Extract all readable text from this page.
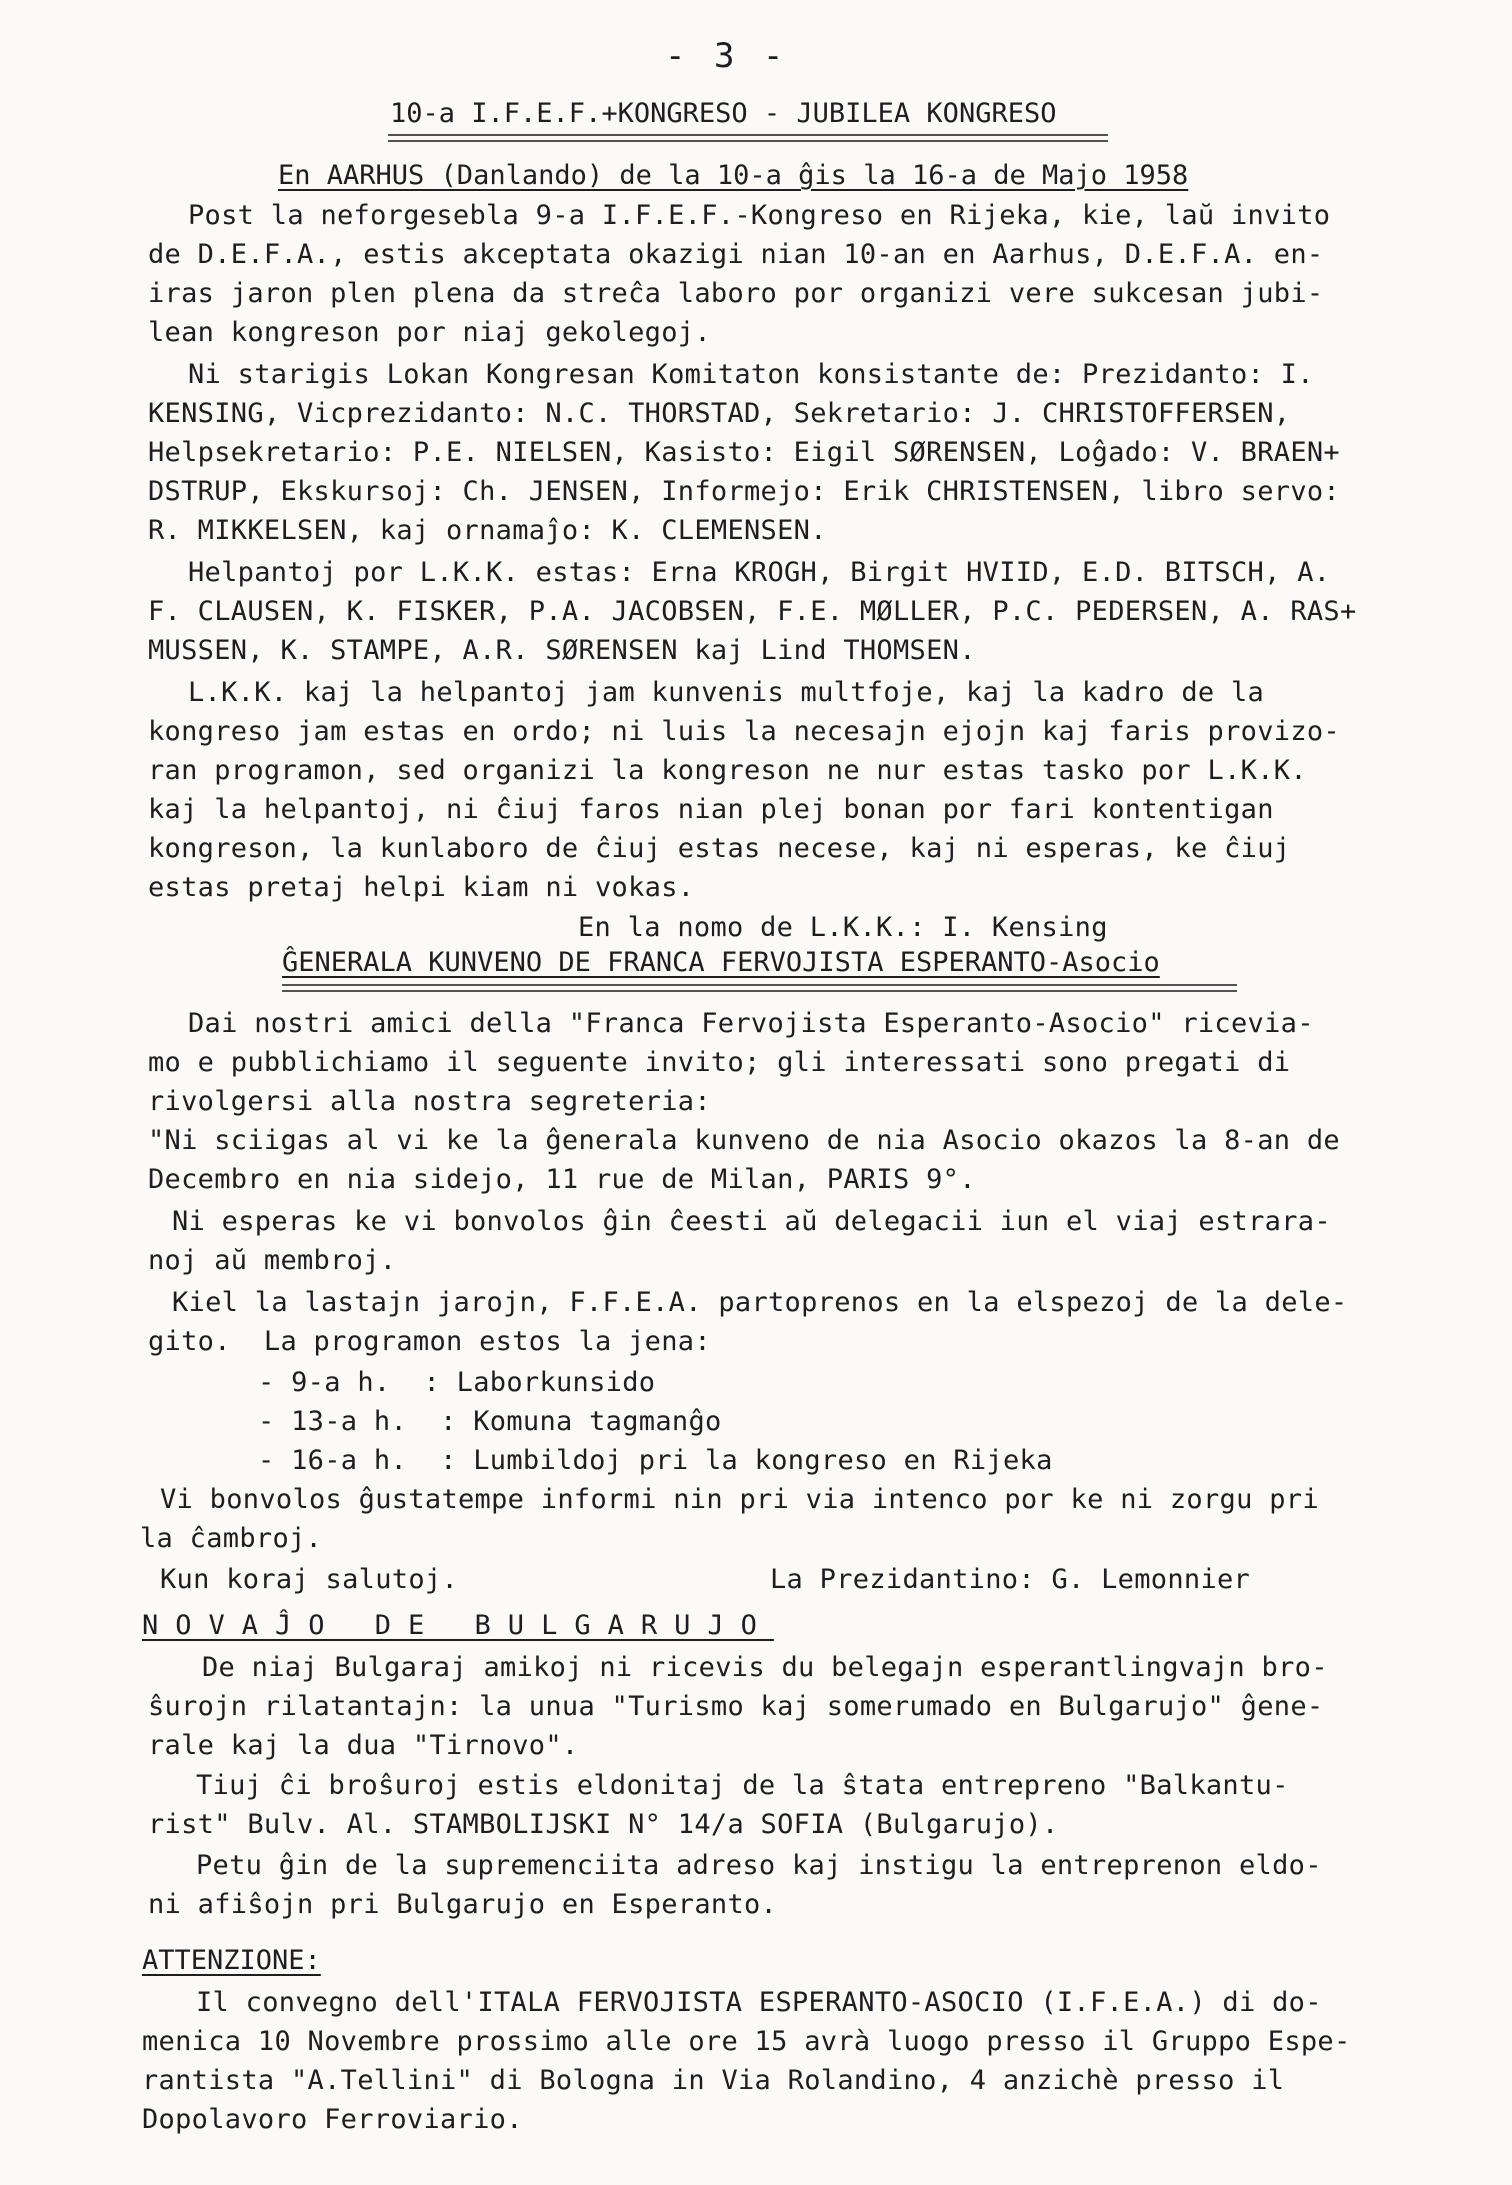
- 3 -
10-a I.F.E.F.+KONGRESO - JUBILEA KONGRESO
En AARHUS (Danlando) de la 10-a ĝis la 16-a de Majo 1958
Post la neforgesebla 9-a I.F.E.F.-Kongreso en Rijeka, kie, laŭ invito
de D.E.F.A., estis akceptata okazigi nian 10-an en Aarhus, D.E.F.A. en-
iras jaron plen plena da streĉa laboro por organizi vere sukcesan jubi-
lean kongreson por niaj gekolegoj.
Ni starigis Lokan Kongresan Komitaton konsistante de: Prezidanto: I.
KENSING, Vicprezidanto: N.C. THORSTAD, Sekretario: J. CHRISTOFFERSEN,
Helpsekretario: P.E. NIELSEN, Kasisto: Eigil SØRENSEN, Loĝado: V. BRAEN+
DSTRUP, Ekskursoj: Ch. JENSEN, Informejo: Erik CHRISTENSEN, libro servo:
R. MIKKELSEN, kaj ornamaĵo: K. CLEMENSEN.
Helpantoj por L.K.K. estas: Erna KROGH, Birgit HVIID, E.D. BITSCH, A.
F. CLAUSEN, K. FISKER, P.A. JACOBSEN, F.E. MØLLER, P.C. PEDERSEN, A. RAS+
MUSSEN, K. STAMPE, A.R. SØRENSEN kaj Lind THOMSEN.
L.K.K. kaj la helpantoj jam kunvenis multfoje, kaj la kadro de la
kongreso jam estas en ordo; ni luis la necesajn ejojn kaj faris provizo-
ran programon, sed organizi la kongreson ne nur estas tasko por L.K.K.
kaj la helpantoj, ni ĉiuj faros nian plej bonan por fari kontentigan
kongreson, la kunlaboro de ĉiuj estas necese, kaj ni esperas, ke ĉiuj
estas pretaj helpi kiam ni vokas.
En la nomo de L.K.K.: I. Kensing
ĜENERALA KUNVENO DE FRANCA FERVOJISTA ESPERANTO-Asocio
Dai nostri amici della "Franca Fervojista Esperanto-Asocio" ricevia-
mo e pubblichiamo il seguente invito; gli interessati sono pregati di
rivolgersi alla nostra segreteria:
"Ni sciigas al vi ke la ĝenerala kunveno de nia Asocio okazos la 8-an de
Decembro en nia sidejo, 11 rue de Milan, PARIS 9°.
Ni esperas ke vi bonvolos ĝin ĉeesti aŭ delegacii iun el viaj estrara-
noj aŭ membroj.
Kiel la lastajn jarojn, F.F.E.A. partoprenos en la elspezoj de la dele-
gito.  La programon estos la jena:
- 9-a h.  : Laborkunsido
- 13-a h.  : Komuna tagmanĝo
- 16-a h.  : Lumbildoj pri la kongreso en Rijeka
Vi bonvolos ĝustatempe informi nin pri via intenco por ke ni zorgu pri
la ĉambroj.
Kun koraj salutoj.	La Prezidantino: G. Lemonnier
NOVAĴO DE BULGARUJO
De niaj Bulgaraj amikoj ni ricevis du belegajn esperantlingvajn bro-
ŝurojn rilatantajn: la unua "Turismo kaj somerumado en Bulgarujo" ĝene-
rale kaj la dua "Tirnovo".
Tiuj ĉi broŝuroj estis eldonitaj de la ŝtata entrepreno "Balkantu-
rist" Bulv. Al. STAMBOLIJSKI N° 14/a SOFIA (Bulgarujo).
Petu ĝin de la supremenciita adreso kaj instigu la entreprenon eldo-
ni afiŝojn pri Bulgarujo en Esperanto.
ATTENZIONE:
Il convegno dell'ITALA FERVOJISTA ESPERANTO-ASOCIO (I.F.E.A.) di do-
menica 10 Novembre prossimo alle ore 15 avrà luogo presso il Gruppo Espe-
rantista "A.Tellini" di Bologna in Via Rolandino, 4 anzichè presso il
Dopolavoro Ferroviario.
